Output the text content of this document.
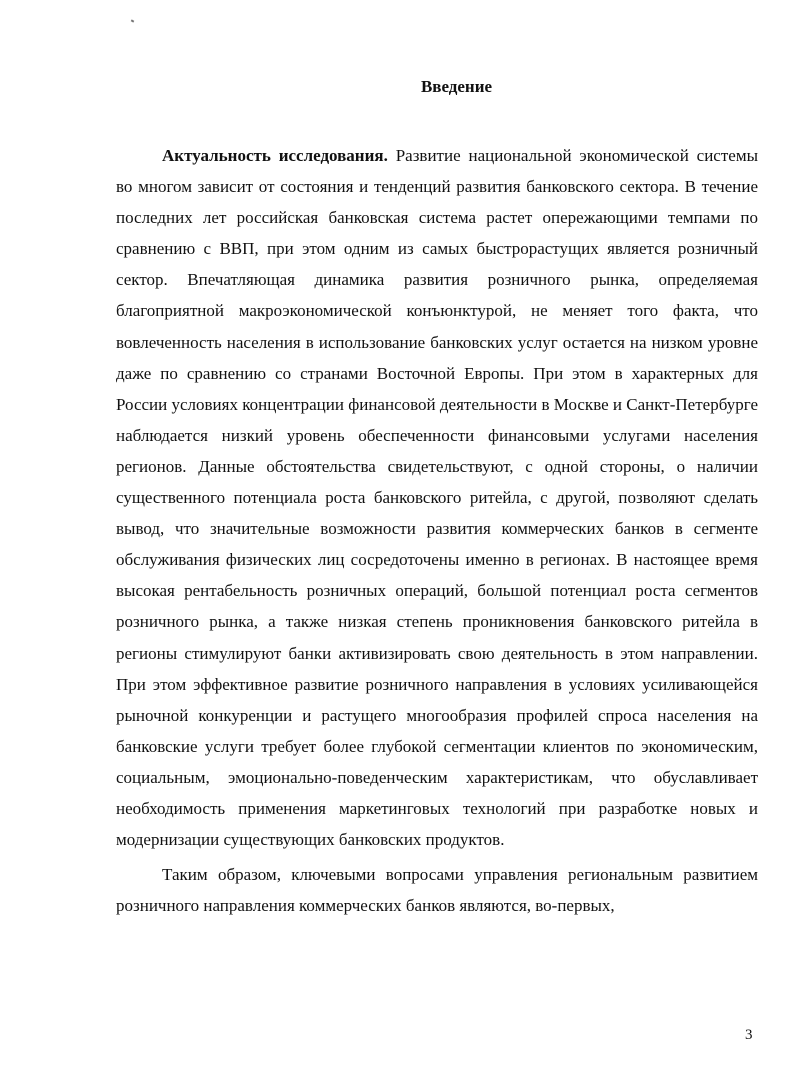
Введение

Актуальность исследования. Развитие национальной экономической системы во многом зависит от состояния и тенденций развития банковского сектора. В течение последних лет российская банковская система растет опережающими темпами по сравнению с ВВП, при этом одним из самых быстрорастущих является розничный сектор. Впечатляющая динамика развития розничного рынка, определяемая благоприятной макроэкономической конъюнктурой, не меняет того факта, что вовлеченность населения в использование банковских услуг остается на низком уровне даже по сравнению со странами Восточной Европы. При этом в характерных для России условиях концентрации финансовой деятельности в Москве и Санкт-Петербурге наблюдается низкий уровень обеспеченности финансовыми услугами населения регионов. Данные обстоятельства свидетельствуют, с одной стороны, о наличии существенного потенциала роста банковского ритейла, с другой, позволяют сделать вывод, что значительные возможности развития коммерческих банков в сегменте обслуживания физических лиц сосредоточены именно в регионах. В настоящее время высокая рентабельность розничных операций, большой потенциал роста сегментов розничного рынка, а также низкая степень проникновения банковского ритейла в регионы стимулируют банки активизировать свою деятельность в этом направлении. При этом эффективное развитие розничного направления в условиях усиливающейся рыночной конкуренции и растущего многообразия профилей спроса населения на банковские услуги требует более глубокой сегментации клиентов по экономическим, социальным, эмоционально-поведенческим характеристикам, что обуславливает необходимость применения маркетинговых технологий при разработке новых и модернизации существующих банковских продуктов.

Таким образом, ключевыми вопросами управления региональным развитием розничного направления коммерческих банков являются, во-первых,

3
